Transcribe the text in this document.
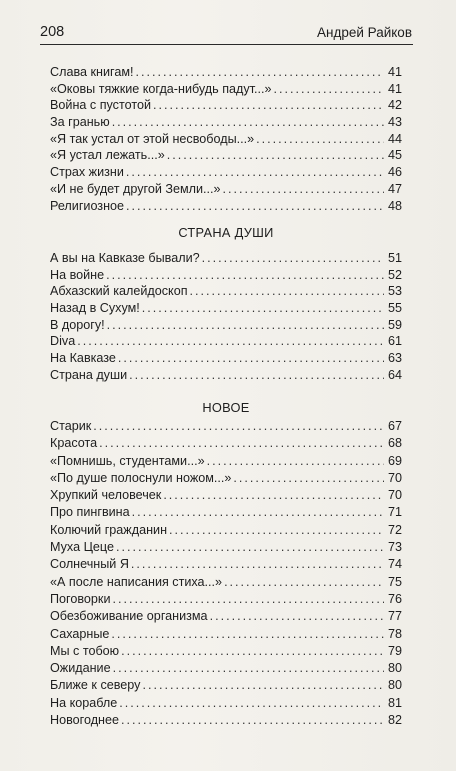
208	Андрей Райков
Слава книгам! . . .	41
«Оковы тяжкие когда-нибудь падут...» . . .	41
Война с пустотой . . .	42
За гранью . . .	43
«Я так устал от этой несвободы...» . . .	44
«Я устал лежать...» . . .	45
Страх жизни . . .	46
«И не будет другой Земли...» . . .	47
Религиозное . . .	48
СТРАНА ДУШИ
А вы на Кавказе бывали? . . .	51
На войне . . .	52
Абхазский калейдоскоп . . .	53
Назад в Сухум! . . .	55
В дорогу! . . .	59
Diva . . .	61
На Кавказе . . .	63
Страна души . . .	64
НОВОЕ
Старик . . .	67
Красота . . .	68
«Помнишь, студентами...» . . .	69
«По душе полоснули ножом...» . . .	70
Хрупкий человечек . . .	70
Про пингвина . . .	71
Колючий гражданин . . .	72
Муха Цеце . . .	73
Солнечный Я . . .	74
«А после написания стиха...» . . .	75
Поговорки . . .	76
Обезбоживание организма . . .	77
Сахарные . . .	78
Мы с тобою . . .	79
Ожидание . . .	80
Ближе к северу . . .	80
На корабле . . .	81
Новогоднее . . .	82
